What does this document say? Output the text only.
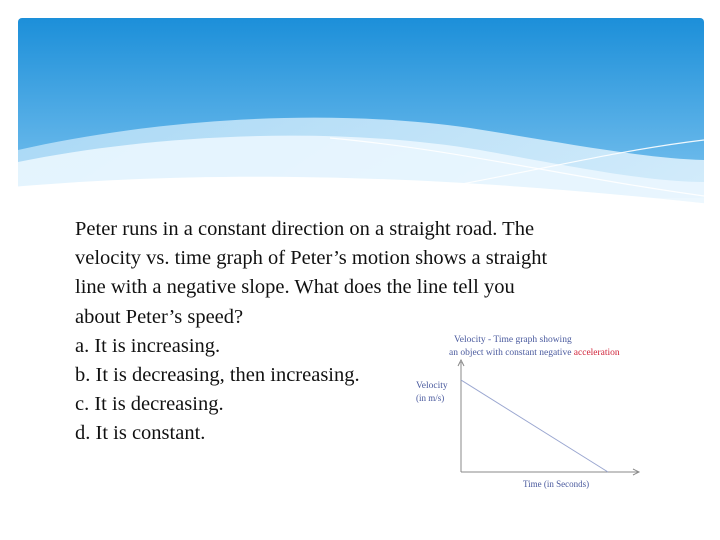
Peter runs in a constant direction on a straight road. The
velocity vs. time graph of Peter’s motion shows a straight
line with a negative slope. What does the line tell you
about Peter’s speed?
a. It is increasing.
b. It is decreasing, then increasing.
c. It is decreasing.
d. It is constant.
Velocity - Time graph showing
an object with constant negative acceleration
Velocity
(in m/s)
Time (in Seconds)
